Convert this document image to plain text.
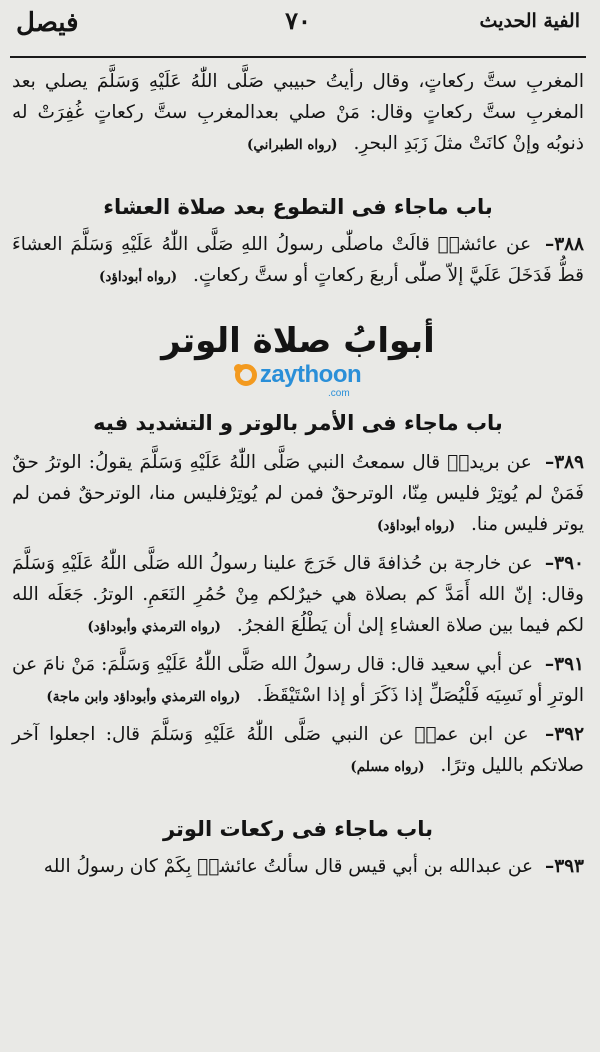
الفية الحديث
٧٠
فيصل

المغربِ ستَّ ركعاتٍ، وقال رأيتُ حبيبي صَلَّى اللّٰهُ عَلَيْهِ وَسَلَّمَ يصلي بعد المغربِ ستَّ ركعاتٍ وقال: مَنْ صلي بعدالمغربِ ستَّ ركعاتٍ غُفِرَتْ له ذنوبُه وإنْ كانَتْ مثلَ زَبَدِ البحرِ. (رواه الطبراني)

باب ماجاء فى التطوع بعد صلاة العشاء

٣٨٨– عن عائشةؓ قالَتْ ماصلّٰى رسولُ اللهِ صَلَّى اللّٰهُ عَلَيْهِ وَسَلَّمَ العشاءَ قطُّ فَدَخَلَ عَلَيَّ إلاّ صلّٰى أربعَ ركعاتٍ أو ستَّ ركعاتٍ. (رواه أبوداؤد)

أبوابُ صلاة الوتر
zaythoon
.com
باب ماجاء فى الأمر بالوتر و التشديد فيه

٣٨٩– عن بريدةؓ قال سمعتُ النبي صَلَّى اللّٰهُ عَلَيْهِ وَسَلَّمَ يقولُ: الوترُ حقٌ فَمَنْ لم يُوتِرْ فليس مِنّا، الوترحقٌ فمن لم يُوتِرْفليس منا، الوترحقٌ فمن لم يوتر فليس منا. (رواه أبوداؤد)

٣٩٠– عن خارجة بن حُذافةَ قال خَرَجَ علينا رسولُ الله صَلَّى اللّٰهُ عَلَيْهِ وَسَلَّمَ وقال: إنّ الله أَمَدَّ كم بصلاة هي خيرٌلكم مِنْ حُمُرِ النَعَمِ. الوترُ. جَعَلَه الله لكم فيما بين صلاة العشاءِ إلىٰ أن يَطْلُعَ الفجرُ. (رواه الترمذي وأبوداؤد)

٣٩١– عن أبي سعيد قال: قال رسولُ الله صَلَّى اللّٰهُ عَلَيْهِ وَسَلَّمَ: مَنْ نامَ عن الوترِ أو نَسِيَه فَلْيُصَلِّ إذا ذَكَرَ أو إذا اسْتَيْقَظَ. (رواه الترمذي وأبوداؤد وابن ماجة)

٣٩٢– عن ابن عمرؓ عن النبي صَلَّى اللّٰهُ عَلَيْهِ وَسَلَّمَ قال: اجعلوا آخر صلاتكم بالليل وترًا. (رواه مسلم)

باب ماجاء فى ركعات الوتر

٣٩٣– عن عبدالله بن أبي قيس قال سألتُ عائشةؓ بِكَمْ كان رسولُ الله
